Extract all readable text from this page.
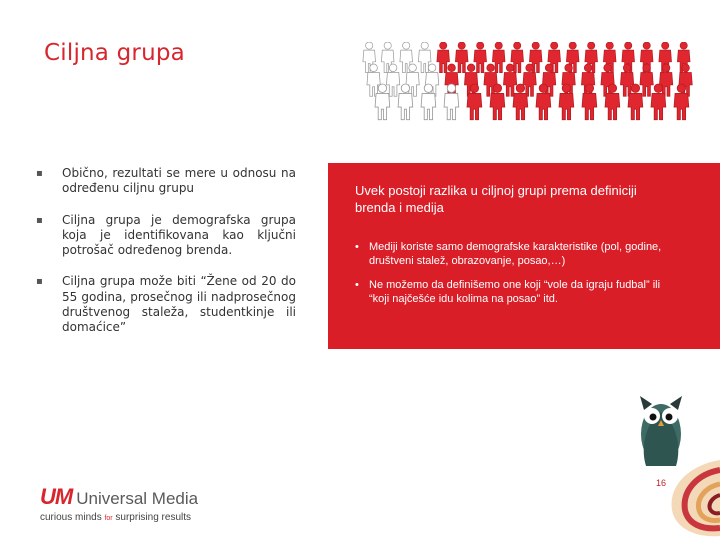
Ciljna grupa
▪ Obično, rezultati se mere u odnosu na određenu ciljnu grupu
▪ Ciljna grupa je demografska grupa koja je identifikovana kao ključni potrošač određenog brenda.
▪ Ciljna grupa može biti “Žene od 20 do 55 godina, prosečnog ili nadprosečnog društvenog staleža, studentkinje ili domaćice”
Uvek postoji razlika u ciljnoj grupi prema definiciji brenda i medija
• Mediji koriste samo demografske karakteristike (pol, godine, društveni stalež, obrazovanje, posao,…)
• Ne možemo da definišemo one koji “vole da igraju fudbal” ili “koji najčešće idu kolima na posao” itd.
16
UM Universal Media
curious minds for surprising results
